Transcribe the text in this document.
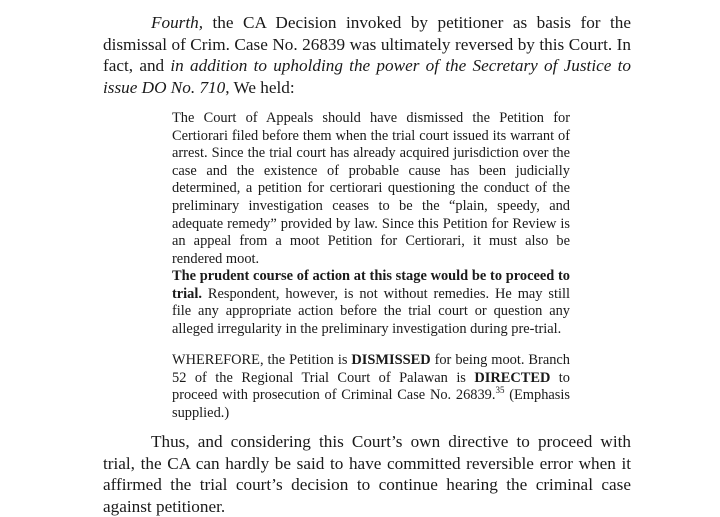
Fourth, the CA Decision invoked by petitioner as basis for the dismissal of Crim. Case No. 26839 was ultimately reversed by this Court. In fact, and in addition to upholding the power of the Secretary of Justice to issue DO No. 710, We held:

The Court of Appeals should have dismissed the Petition for Certiorari filed before them when the trial court issued its warrant of arrest. Since the trial court has already acquired jurisdiction over the case and the existence of probable cause has been judicially determined, a petition for certiorari questioning the conduct of the preliminary investigation ceases to be the “plain, speedy, and adequate remedy” provided by law. Since this Petition for Review is an appeal from a moot Petition for Certiorari, it must also be rendered moot.

The prudent course of action at this stage would be to proceed to trial. Respondent, however, is not without remedies. He may still file any appropriate action before the trial court or question any alleged irregularity in the preliminary investigation during pre-trial.

WHEREFORE, the Petition is DISMISSED for being moot. Branch 52 of the Regional Trial Court of Palawan is DIRECTED to proceed with prosecution of Criminal Case No. 26839.35 (Emphasis supplied.)

Thus, and considering this Court’s own directive to proceed with trial, the CA can hardly be said to have committed reversible error when it affirmed the trial court’s decision to continue hearing the criminal case against petitioner.
